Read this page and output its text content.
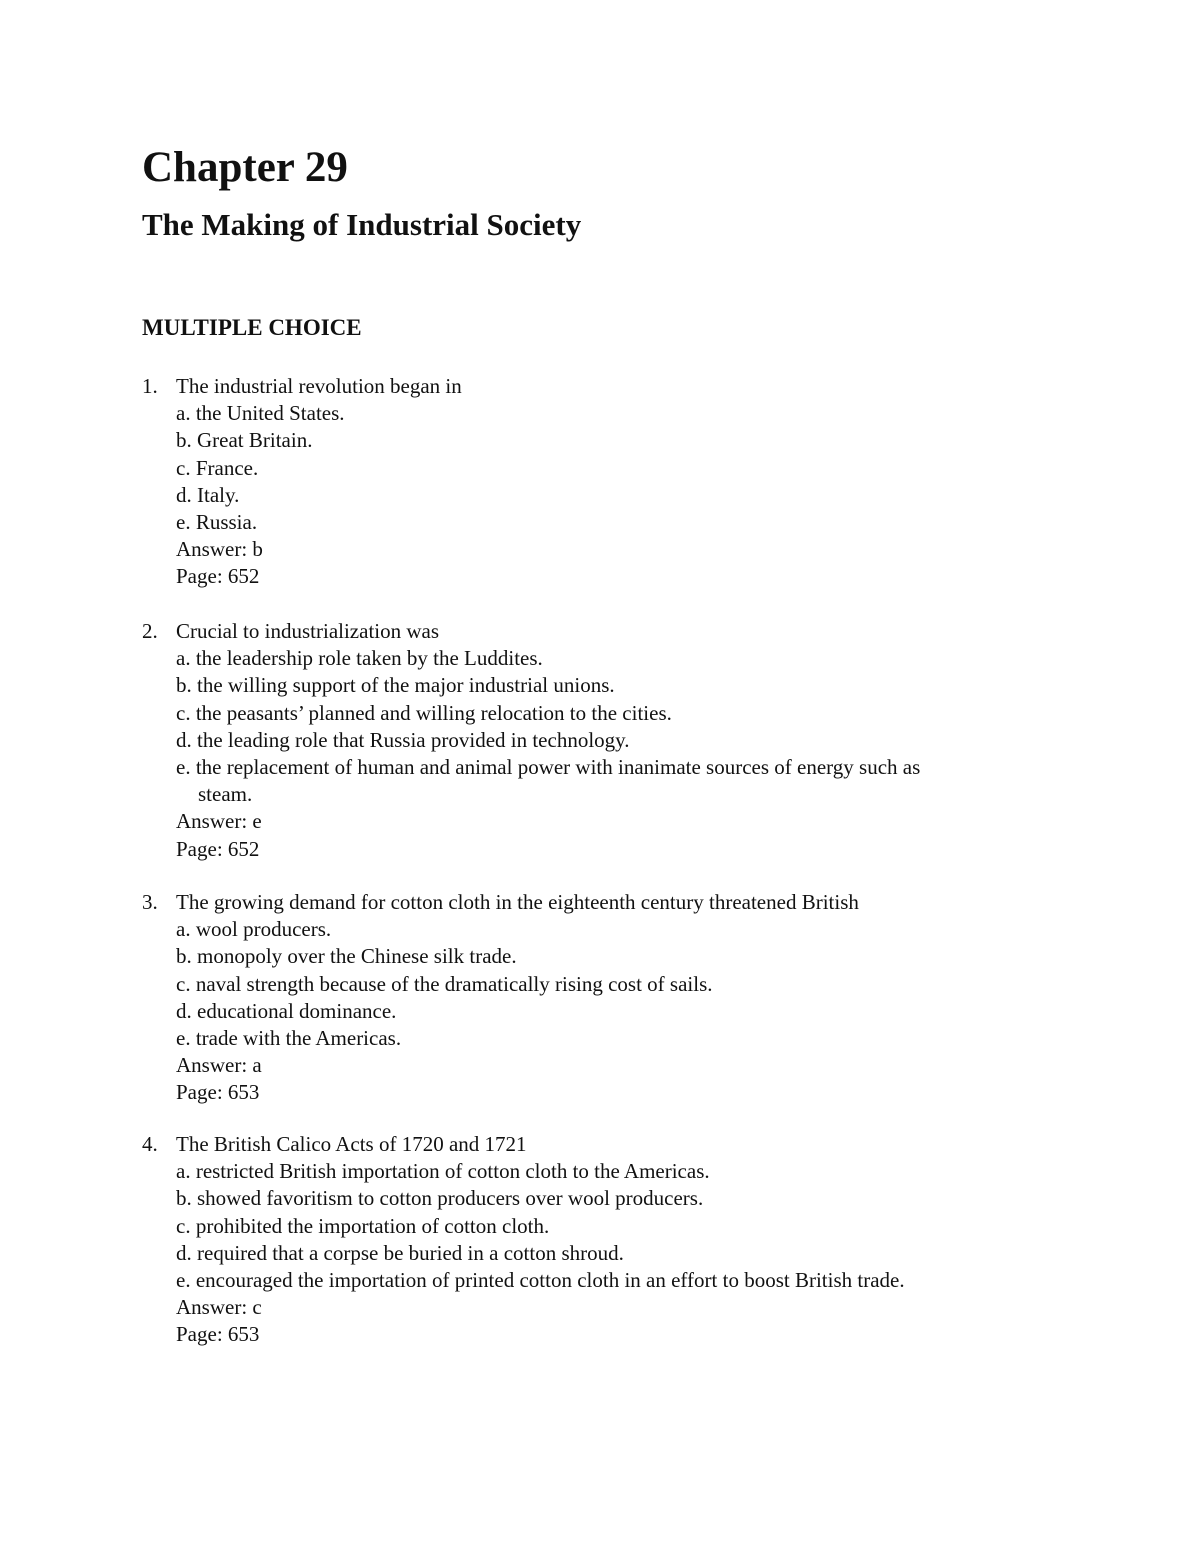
Chapter 29
The Making of Industrial Society
MULTIPLE CHOICE
1. The industrial revolution began in
a. the United States.
b. Great Britain.
c. France.
d. Italy.
e. Russia.
Answer: b
Page: 652
2. Crucial to industrialization was
a. the leadership role taken by the Luddites.
b. the willing support of the major industrial unions.
c. the peasants’ planned and willing relocation to the cities.
d. the leading role that Russia provided in technology.
e. the replacement of human and animal power with inanimate sources of energy such as
steam.
Answer: e
Page: 652
3. The growing demand for cotton cloth in the eighteenth century threatened British
a. wool producers.
b. monopoly over the Chinese silk trade.
c. naval strength because of the dramatically rising cost of sails.
d. educational dominance.
e. trade with the Americas.
Answer: a
Page: 653
4. The British Calico Acts of 1720 and 1721
a. restricted British importation of cotton cloth to the Americas.
b. showed favoritism to cotton producers over wool producers.
c. prohibited the importation of cotton cloth.
d. required that a corpse be buried in a cotton shroud.
e. encouraged the importation of printed cotton cloth in an effort to boost British trade.
Answer: c
Page: 653
